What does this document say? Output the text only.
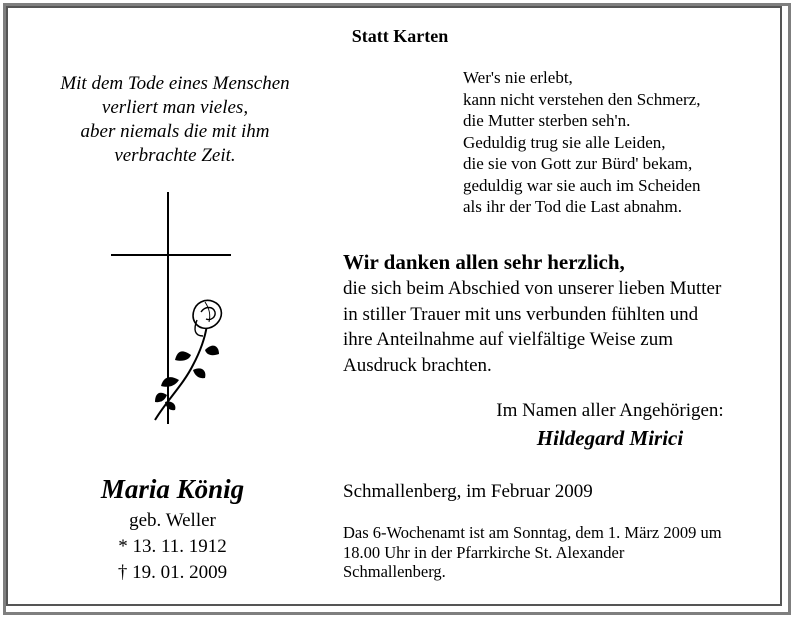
Statt Karten
Mit dem Tode eines Menschen
verliert man vieles,
aber niemals die mit ihm
verbrachte Zeit.
Wer's nie erlebt,
kann nicht verstehen den Schmerz,
die Mutter sterben seh'n.
Geduldig trug sie alle Leiden,
die sie von Gott zur Bürd' bekam,
geduldig war sie auch im Scheiden
als ihr der Tod die Last abnahm.
Wir danken allen sehr herzlich,
die sich beim Abschied von unserer lieben Mutter
in stiller Trauer mit uns verbunden fühlten und
ihre Anteilnahme auf vielfältige Weise zum
Ausdruck brachten.
Im Namen aller Angehörigen:
Hildegard Mirici
Maria König
geb. Weller
* 13. 11. 1912
† 19. 01. 2009
Schmallenberg, im Februar 2009
Das 6-Wochenamt ist am Sonntag, dem 1. März 2009 um
18.00 Uhr in der Pfarrkirche St. Alexander
Schmallenberg.
